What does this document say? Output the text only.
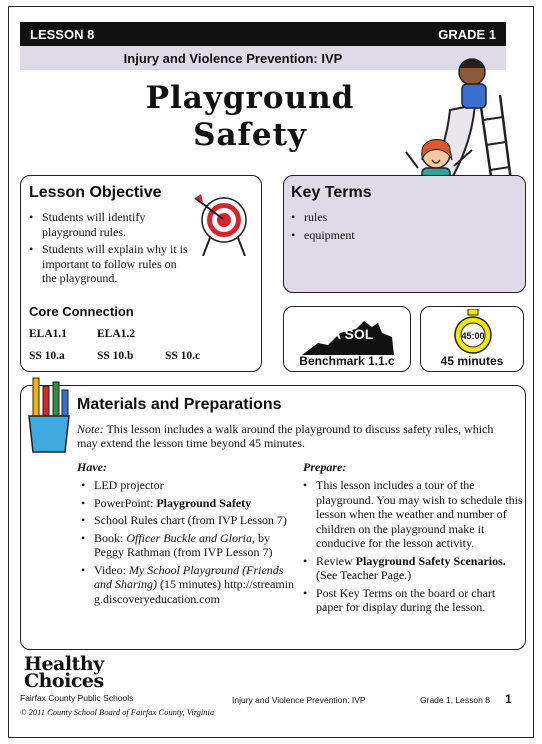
LESSON 8	GRADE 1
Injury and Violence Prevention: IVP
Playground
Safety
Lesson Objective
• Students will identify playground rules.
• Students will explain why it is important to follow rules on the playground.
Core Connection
ELA1.1	ELA1.2
SS 10.a	SS 10.b	SS 10.c
Key Terms
• rules
• equipment
VA SOL
Benchmark 1.1.c
45:00
45 minutes
Materials and Preparations
Note: This lesson includes a walk around the playground to discuss safety rules, which may extend the lesson time beyond 45 minutes.
Have:
• LED projector
• PowerPoint: Playground Safety
• School Rules chart (from IVP Lesson 7)
• Book: Officer Buckle and Gloria, by Peggy Rathman (from IVP Lesson 7)
• Video: My School Playground (Friends and Sharing) (15 minutes) http://streaming.discoveryeducation.com
Prepare:
• This lesson includes a tour of the playground. You may wish to schedule this lesson when the weather and number of children on the playground make it conducive for the lesson activity.
• Review Playground Safety Scenarios. (See Teacher Page.)
• Post Key Terms on the board or chart paper for display during the lesson.
Healthy
Choices
Fairfax County Public Schools
© 2011 County School Board of Fairfax County, Virginia
Injury and Violence Prevention: IVP	Grade 1, Lesson 8 1
